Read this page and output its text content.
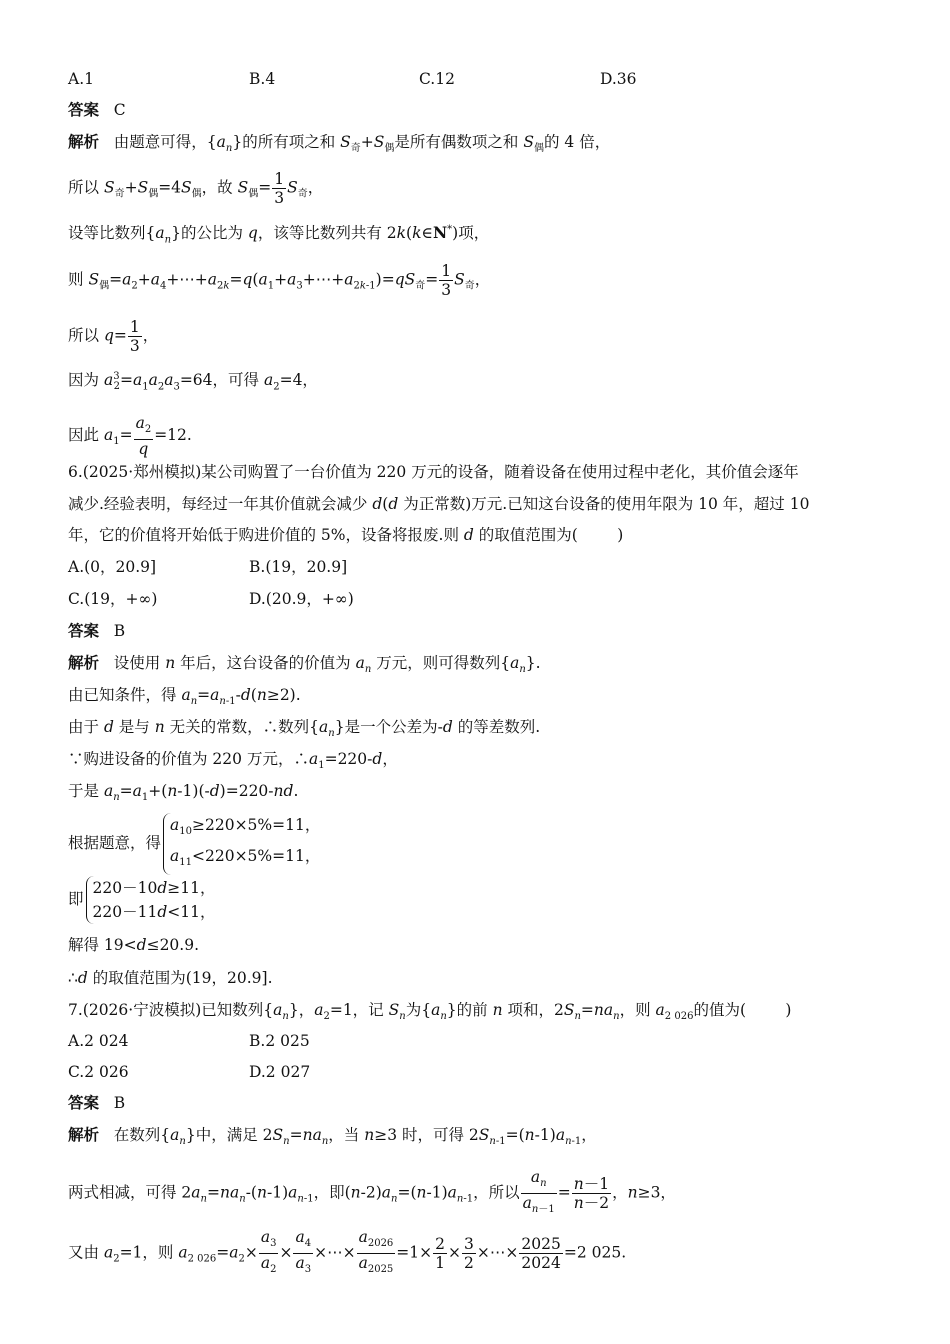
A.1	B.4	C.12	D.36
答案 C
解析   由题意可得，$\{a_n\}$的所有项之和 $S_奇+S_偶$是所有偶数项之和 $S_偶$的 4 倍，
所以 $S_奇+S_偶=4S_偶$，故 $S_偶= \frac{1}{3} S_奇$，
设等比数列$\{a_n\}$的公比为 q，该等比数列共有 2k(k∈N*)项，
则 $S_偶=a_2+a_4+\cdots+a_{2k}=q(a_1+a_3+\cdots+a_{2k-1})=qS_奇= \frac{1}{3} S_奇$，
所以 $q= \frac{1}{3}$ ，
因为 $a^3_2=a_1a_2a_3=64$，可得 $a_2=4$，
因此 $a_1= \frac{a_2}{q} =12$.
6.(2025·郑州模拟)某公司购置了一台价值为 220 万元的设备，随着设备在使用过程中老化，其价值会逐年
减少.经验表明，每经过一年其价值就会减少 d(d 为正常数)万元.已知这台设备的使用年限为 10 年，超过 10
年，它的价值将开始低于购进价值的 5%，设备将报废.则 d 的取值范围为(        )
A.(0，20.9]	B.(19，20.9]
C.(19，+∞)	D.(20.9，+∞)
答案 B
解析   设使用 n 年后，这台设备的价值为 $a_n$ 万元，则可得数列$\{a_n\}$.
由已知条件，得 $a_n=a_{n-1}-d(n\ge 2)$.
由于 d 是与 n 无关的常数，∴数列$\{a_n\}$是一个公差为-d 的等差数列.
∵购进设备的价值为 220 万元，$\therefore a_1=220-d$，
于是 $a_n=a_1+(n-1)(-d)=220-nd$.
根据题意，得
$a_{10}\ge 220\times 5\%=11$，
$a_{11}<220\times 5\%=11$，
即
220－10d≥11，
220－11d<11，
解得 19<d≤20.9.
∴d 的取值范围为(19，20.9].
7.(2026·宁波模拟)已知数列$\{a_n\}$，$a_2=1$，记 $S_n$为$\{a_n\}$的前 n 项和，$2S_n=na_n$，则 $a_{2 026}$的值为(        )
A.2 024	B.2 025
C.2 026	D.2 027
答案 B
解析   在数列$\{a_n\}$中，满足 $2S_n=na_n$，当 n≥3 时，可得 $2S_{n-1}=(n-1)a_{n-1}$，
两式相减，可得 $2a_n=na_n-(n-1)a_{n-1}$，即$(n-2)a_n=(n-1)a_{n-1}$，所以 $\frac{a_n}{a_{n-1}} = \frac{n-1}{n-2}$ ，n≥3，
又由 $a_2=1$，则 $a_{2 026}=a_2\times \frac{a_3}{a_2} \times \frac{a_4}{a_3}$ ×⋯× $\frac{a_{2026}}{a_{2025}} =1\times \frac{2}{1} \times \frac{3}{2}$ ×⋯× $\frac{2025}{2024} =2$ 025.
